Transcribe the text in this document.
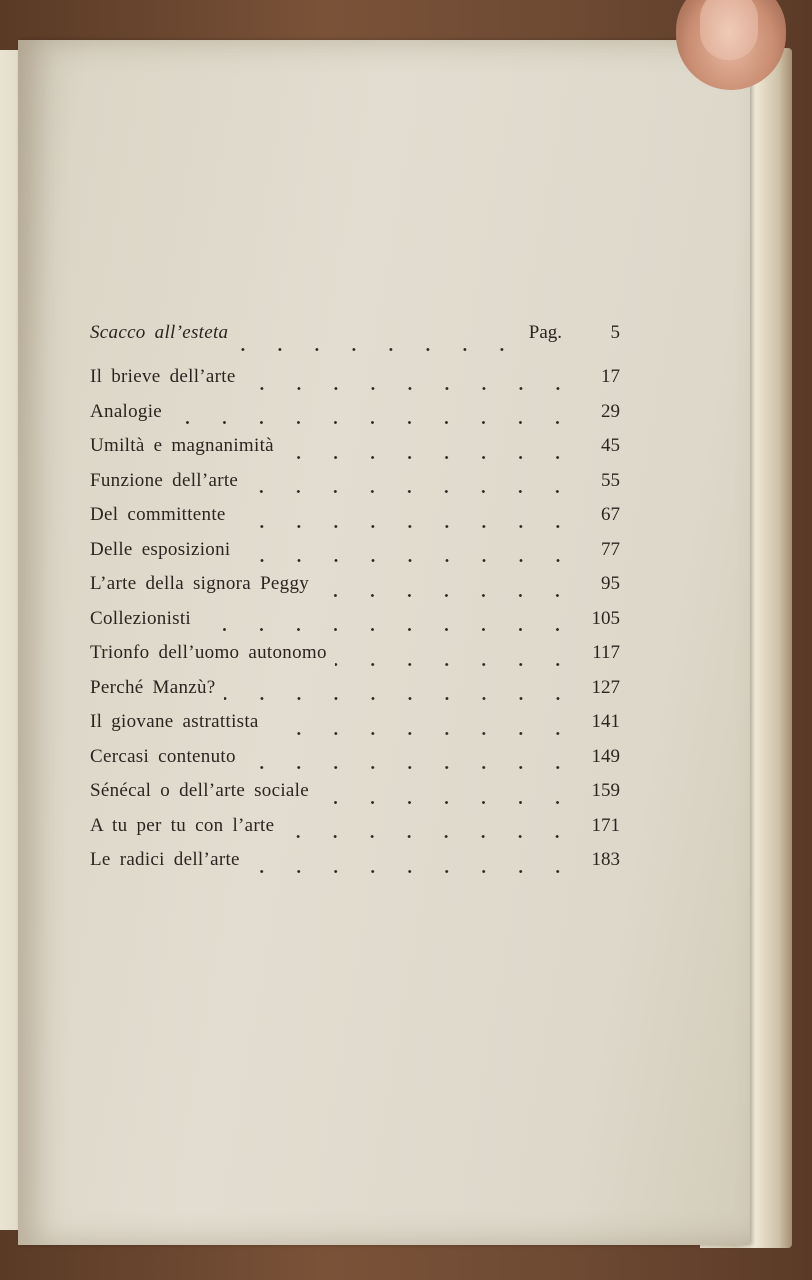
Scacco all’esteta	Pag.	5
Il brieve dell’arte	17
Analogie	29
Umiltà e magnanimità	45
Funzione dell’arte	55
Del committente	67
Delle esposizioni	77
L’arte della signora Peggy	95
Collezionisti	105
Trionfo dell’uomo autonomo	117
Perché Manzù?	127
Il giovane astrattista	141
Cercasi contenuto	149
Sénécal o dell’arte sociale	159
A tu per tu con l’arte	171
Le radici dell’arte	183
